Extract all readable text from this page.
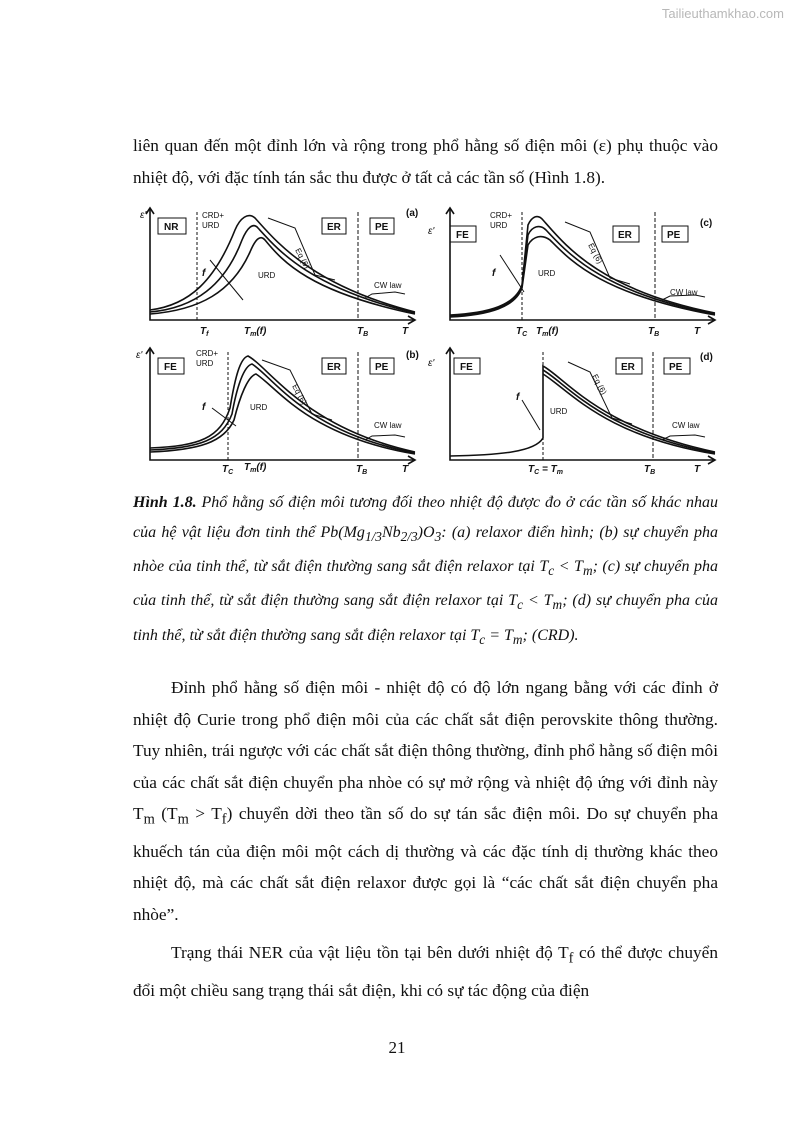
Tailieuthamkhao.com

liên quan đến một đỉnh lớn và rộng trong phổ hằng số điện môi (ε) phụ thuộc vào nhiệt độ, với đặc tính tán sắc thu được ở tất cả các tần số (Hình 1.8).

ε'
NR	ER	PE
(a)
CRD+
URD
URD
f
Eq (6)
CW law
$T_f$	$T_m(f)$	$T_B$	T
ε' FE	ER	PE
(c)
CRD+
URD
URD
f
Eq (6)
CW law
$T_C$ $T_m(f)$	$T_B$	T
ε'
FE	ER	PE
(b)
CRD+
URD
URD
f
Eq (6)
CW law
$T_C$ $T_m(f)$	$T_B$	T
ε'	FE	ER	PE
(d)
URD
f
Eq (6)
CW law
$T_C = T_m$	$T_B$	T

Hình 1.8. Phổ hằng số điện môi tương đối theo nhiệt độ được đo ở các tần số khác nhau của hệ vật liệu đơn tinh thể $Pb(Mg_{1/3}Nb_{2/3})O_3$: (a) relaxor điển hình; (b) sự chuyển pha nhòe của tinh thể, từ sắt điện thường sang sắt điện relaxor tại $T_c < T_m$; (c) sự chuyển pha của tinh thể, từ sắt điện thường sang sắt điện relaxor tại $T_c < T_m$; (d) sự chuyển pha của tinh thể, từ sắt điện thường sang sắt điện relaxor tại $T_c = T_m$; (CRD).

Đỉnh phổ hằng số điện môi - nhiệt độ có độ lớn ngang bằng với các đỉnh ở nhiệt độ Curie trong phổ điện môi của các chất sắt điện perovskite thông thường. Tuy nhiên, trái ngược với các chất sắt điện thông thường, đỉnh phổ hằng số điện môi của các chất sắt điện chuyển pha nhòe có sự mở rộng và nhiệt độ ứng với đỉnh này $T_m$ $(T_m > T_f)$ chuyển dời theo tần số do sự tán sắc điện môi. Do sự chuyển pha khuếch tán của điện môi một cách dị thường và các đặc tính dị thường khác theo nhiệt độ, mà các chất sắt điện relaxor được gọi là “các chất sắt điện chuyển pha nhòe”.

Trạng thái NER của vật liệu tồn tại bên dưới nhiệt độ $T_f$ có thể được chuyển đổi một chiều sang trạng thái sắt điện, khi có sự tác động của điện

21
